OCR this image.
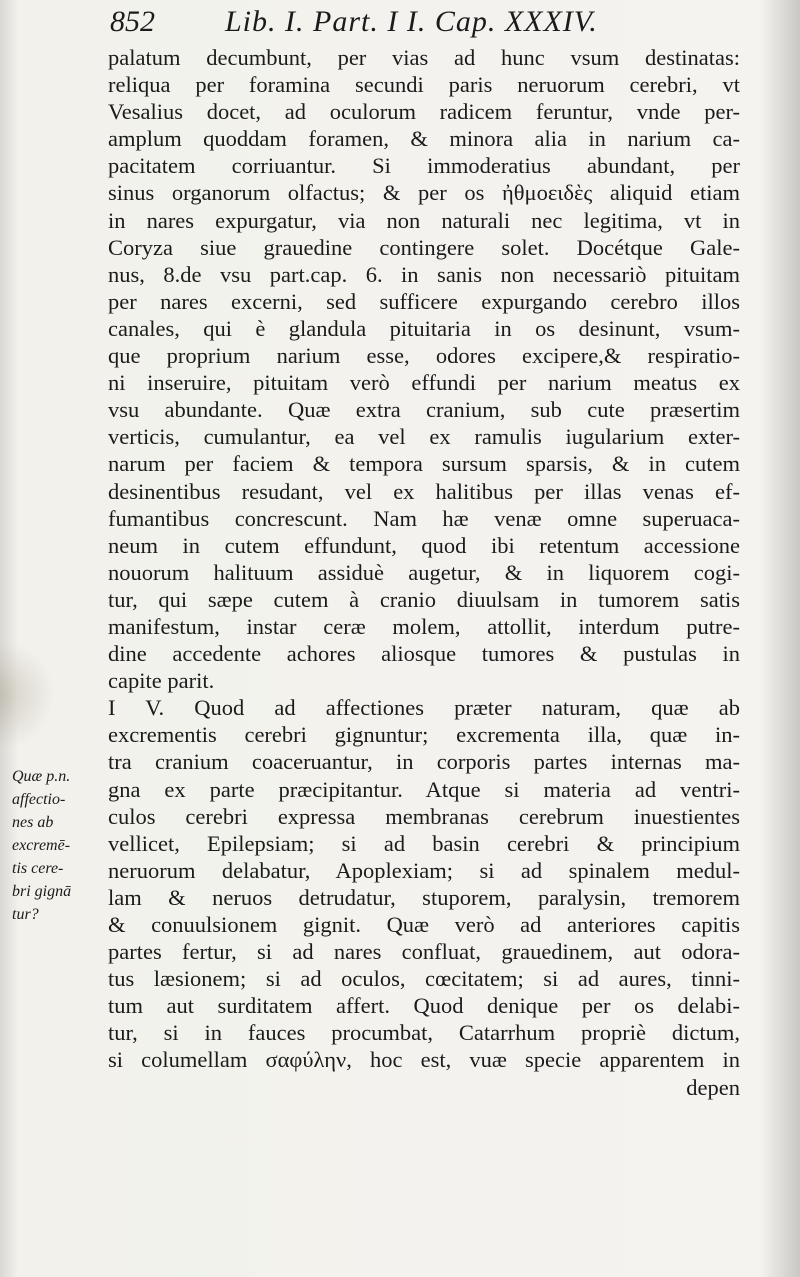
852 Lib. I. Part. I I. Cap. XXXIV.
palatum decumbunt, per vias ad hunc vsum destinatas:
reliqua per foramina secundi paris neruorum cerebri, vt
Vesalius docet, ad oculorum radicem feruntur, vnde per-
amplum quoddam foramen, & minora alia in narium ca-
pacitatem corriuantur. Si immoderatius abundant, per
sinus organorum olfactus; & per os ἠθμοειδὲς aliquid etiam
in nares expurgatur, via non naturali nec legitima, vt in
Coryza siue grauedine contingere solet. Docétque Gale-
nus, 8.de vsu part.cap. 6. in sanis non necessariò pituitam
per nares excerni, sed sufficere expurgando cerebro illos
canales, qui è glandula pituitaria in os desinunt, vsum-
que proprium narium esse, odores excipere,& respiratio-
ni inseruire, pituitam verò effundi per narium meatus ex
vsu abundante. Quæ extra cranium, sub cute præsertim
verticis, cumulantur, ea vel ex ramulis iugularium exter-
narum per faciem & tempora sursum sparsis, & in cutem
desinentibus resudant, vel ex halitibus per illas venas ef-
fumantibus concrescunt. Nam hæ venæ omne superuaca-
neum in cutem effundunt, quod ibi retentum accessione
nouorum halituum assiduè augetur, & in liquorem cogi-
tur, qui sæpe cutem à cranio diuulsam in tumorem satis
manifestum, instar ceræ molem, attollit, interdum putre-
dine accedente achores aliosque tumores & pustulas in
capite parit.
I V. Quod ad affectiones præter naturam, quæ ab
excrementis cerebri gignuntur; excrementa illa, quæ in-
tra cranium coaceruantur, in corporis partes internas ma-
gna ex parte præcipitantur. Atque si materia ad ventri-
culos cerebri expressa membranas cerebrum inuestientes
vellicet, Epilepsiam; si ad basin cerebri & principium
neruorum delabatur, Apoplexiam; si ad spinalem medul-
lam & neruos detrudatur, stuporem, paralysin, tremorem
& conuulsionem gignit. Quæ verò ad anteriores capitis
partes fertur, si ad nares confluat, grauedinem, aut odora-
tus læsionem; si ad oculos, cœcitatem; si ad aures, tinni-
tum aut surditatem affert. Quod denique per os delabi-
tur, si in fauces procumbat, Catarrhum propriè dictum,
si columellam σαφύλην, hoc est, vuæ specie apparentem in
depen
Quæ p.n.
affectio-
nes ab
excremē-
tis cere-
bri gignā
tur?
